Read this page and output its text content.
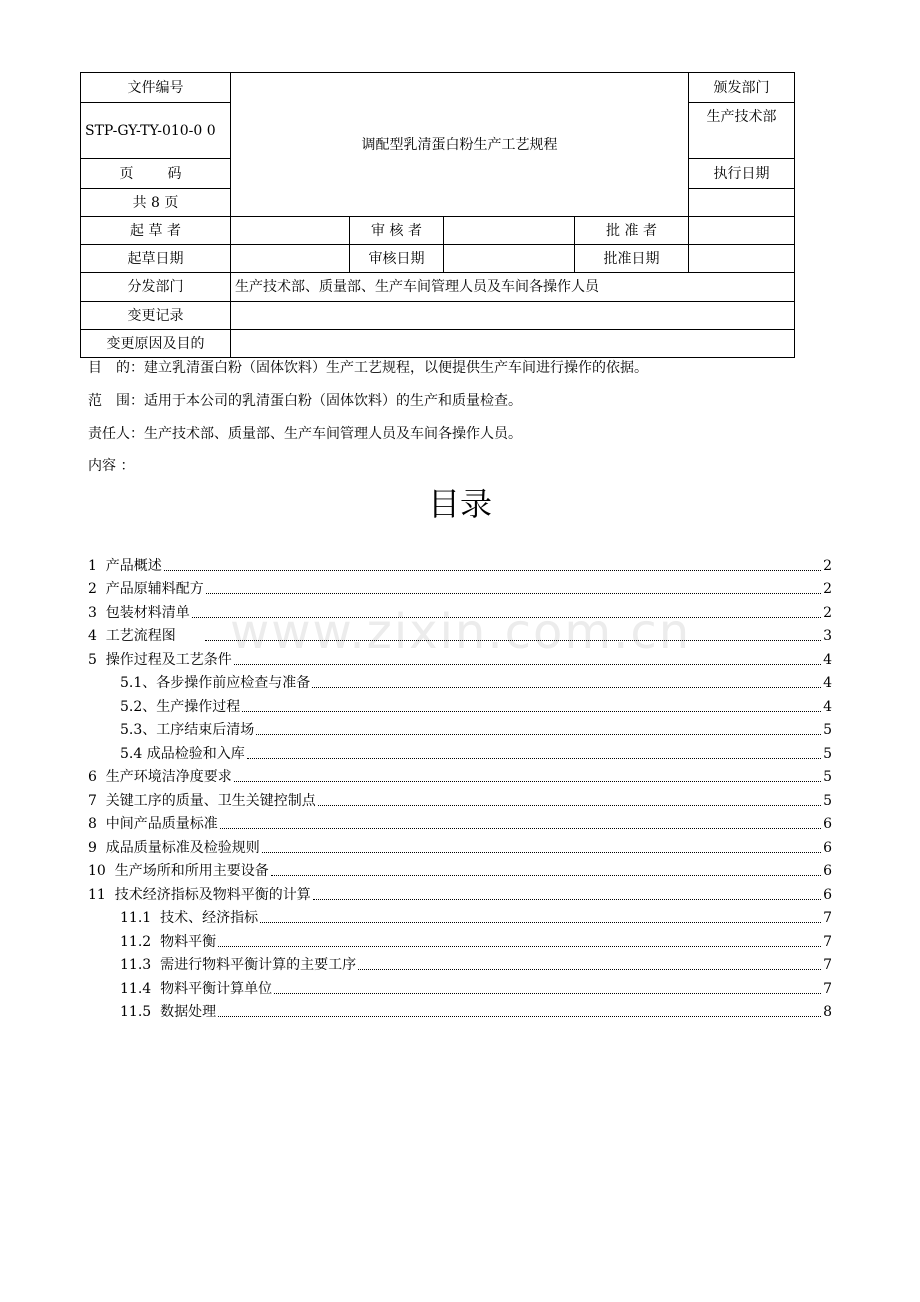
文件编号	调配型乳清蛋白粉生产工艺规程				颁发部门
STP-GY-TY-010-0 0					生产技术部
页　码					执行日期
共 8 页					
起 草 者		审 核 者		批 准 者	
起草日期		审核日期		批准日期	
分发部门	生产技术部、质量部、生产车间管理人员及车间各操作人员				
变更记录					
变更原因及目的					
目　的：建立乳清蛋白粉（固体饮料）生产工艺规程，以便提供生产车间进行操作的依据。
范　围：适用于本公司的乳清蛋白粉（固体饮料）的生产和质量检查。
责任人：生产技术部、质量部、生产车间管理人员及车间各操作人员。
内容 ：
目录
www.zixin.com.cn
1  产品概述	2
2  产品原辅料配方	2
3  包装材料清单	2
4  工艺流程图	3
5  操作过程及工艺条件	4
5.1、各步操作前应检查与准备	4
5.2、生产操作过程	4
5.3、工序结束后清场	5
5.4 成品检验和入库	5
6  生产环境洁净度要求	5
7  关键工序的质量、卫生关键控制点	5
8  中间产品质量标准	6
9  成品质量标准及检验规则	6
10  生产场所和所用主要设备	6
11  技术经济指标及物料平衡的计算	6
11.1  技术、经济指标	7
11.2  物料平衡	7
11.3  需进行物料平衡计算的主要工序	7
11.4  物料平衡计算单位	7
11.5  数据处理	8
